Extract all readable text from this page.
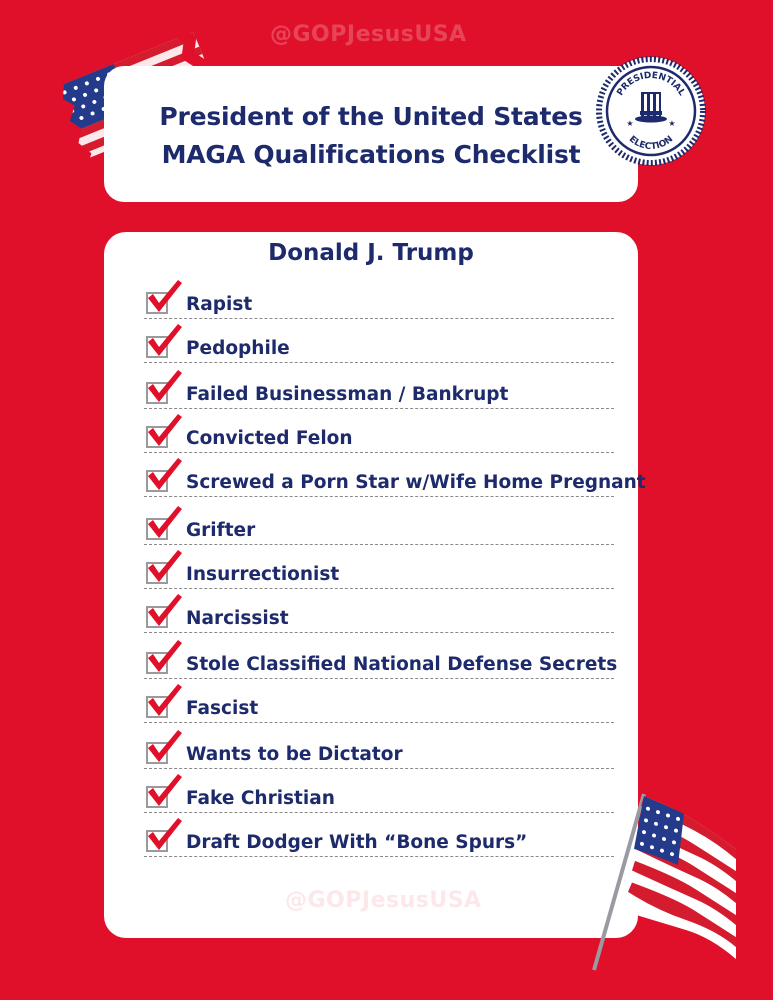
@GOPJesusUSA
President of the United States
MAGA Qualifications Checklist
PRESIDENTIAL
ELECTION
★	★
Donald J. Trump
Rapist
Pedophile
Failed Businessman / Bankrupt
Convicted Felon
Screwed a Porn Star w/Wife Home Pregnant
Grifter
Insurrectionist
Narcissist
Stole Classified National Defense Secrets
Fascist
Wants to be Dictator
Fake Christian
Draft Dodger With “Bone Spurs”
@GOPJesusUSA
